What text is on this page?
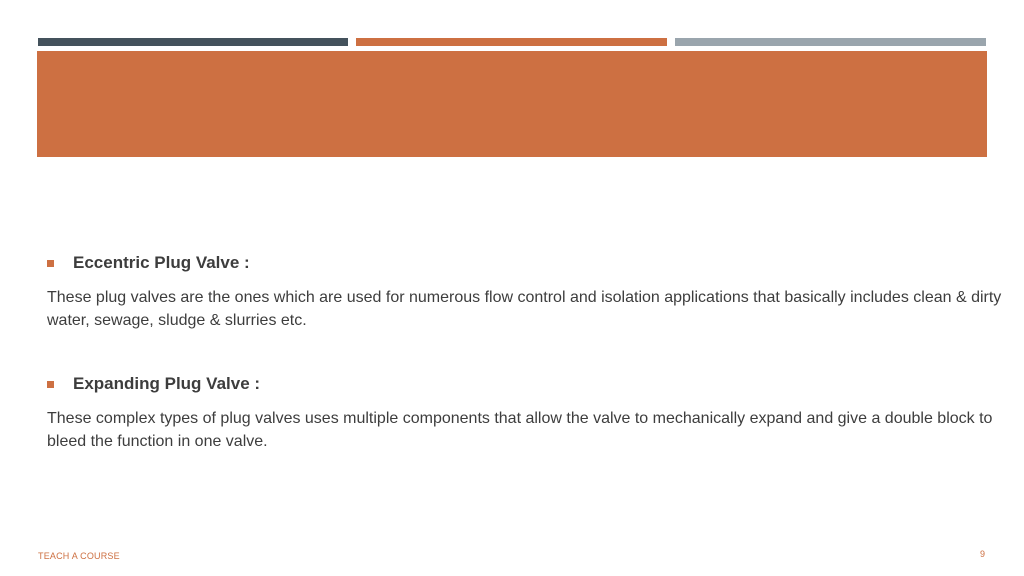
Eccentric Plug Valve :

These plug valves are the ones which are used for numerous flow control and isolation applications that basically includes clean & dirty water, sewage, sludge & slurries etc.

Expanding Plug Valve :

These complex types of plug valves uses multiple components that allow the valve to mechanically expand and give a double block to bleed the function in one valve.

TEACH A COURSE	9
